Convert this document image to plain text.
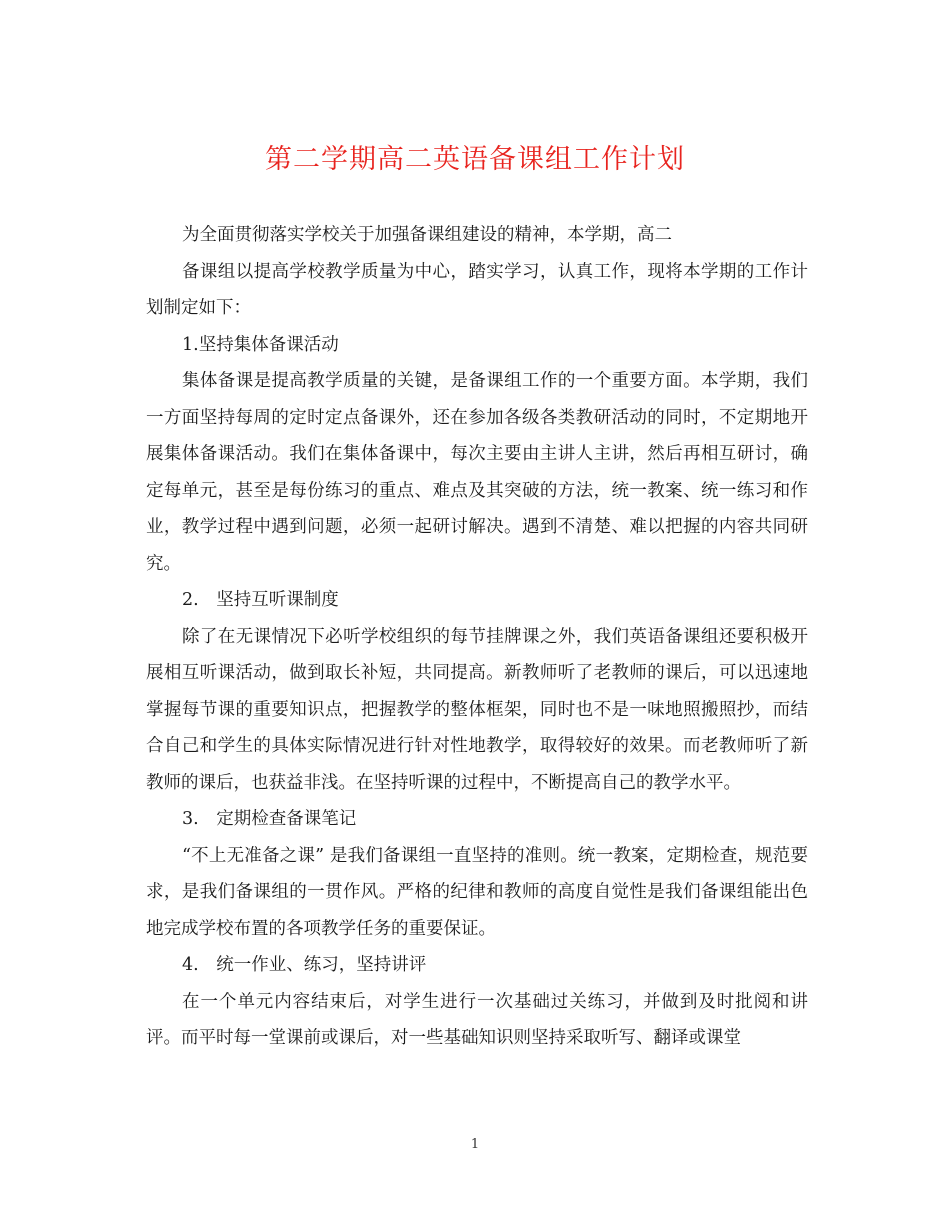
第二学期高二英语备课组工作计划

为全面贯彻落实学校关于加强备课组建设的精神，本学期，高二

备课组以提高学校教学质量为中心，踏实学习，认真工作，现将本学期的工作计划制定如下：

1.坚持集体备课活动

集体备课是提高教学质量的关键，是备课组工作的一个重要方面。本学期，我们一方面坚持每周的定时定点备课外，还在参加各级各类教研活动的同时，不定期地开展集体备课活动。我们在集体备课中，每次主要由主讲人主讲，然后再相互研讨，确定每单元，甚至是每份练习的重点、难点及其突破的方法，统一教案、统一练习和作业，教学过程中遇到问题，必须一起研讨解决。遇到不清楚、难以把握的内容共同研究。

2.　坚持互听课制度

除了在无课情况下必听学校组织的每节挂牌课之外，我们英语备课组还要积极开展相互听课活动，做到取长补短，共同提高。新教师听了老教师的课后，可以迅速地掌握每节课的重要知识点，把握教学的整体框架，同时也不是一味地照搬照抄，而结合自己和学生的具体实际情况进行针对性地教学，取得较好的效果。而老教师听了新教师的课后，也获益非浅。在坚持听课的过程中，不断提高自己的教学水平。

3.　定期检查备课笔记

“不上无准备之课” 是我们备课组一直坚持的准则。统一教案，定期检查，规范要求，是我们备课组的一贯作风。严格的纪律和教师的高度自觉性是我们备课组能出色地完成学校布置的各项教学任务的重要保证。

4.　统一作业、练习，坚持讲评

在一个单元内容结束后，对学生进行一次基础过关练习，并做到及时批阅和讲评。而平时每一堂课前或课后，对一些基础知识则坚持采取听写、翻译或课堂

1
